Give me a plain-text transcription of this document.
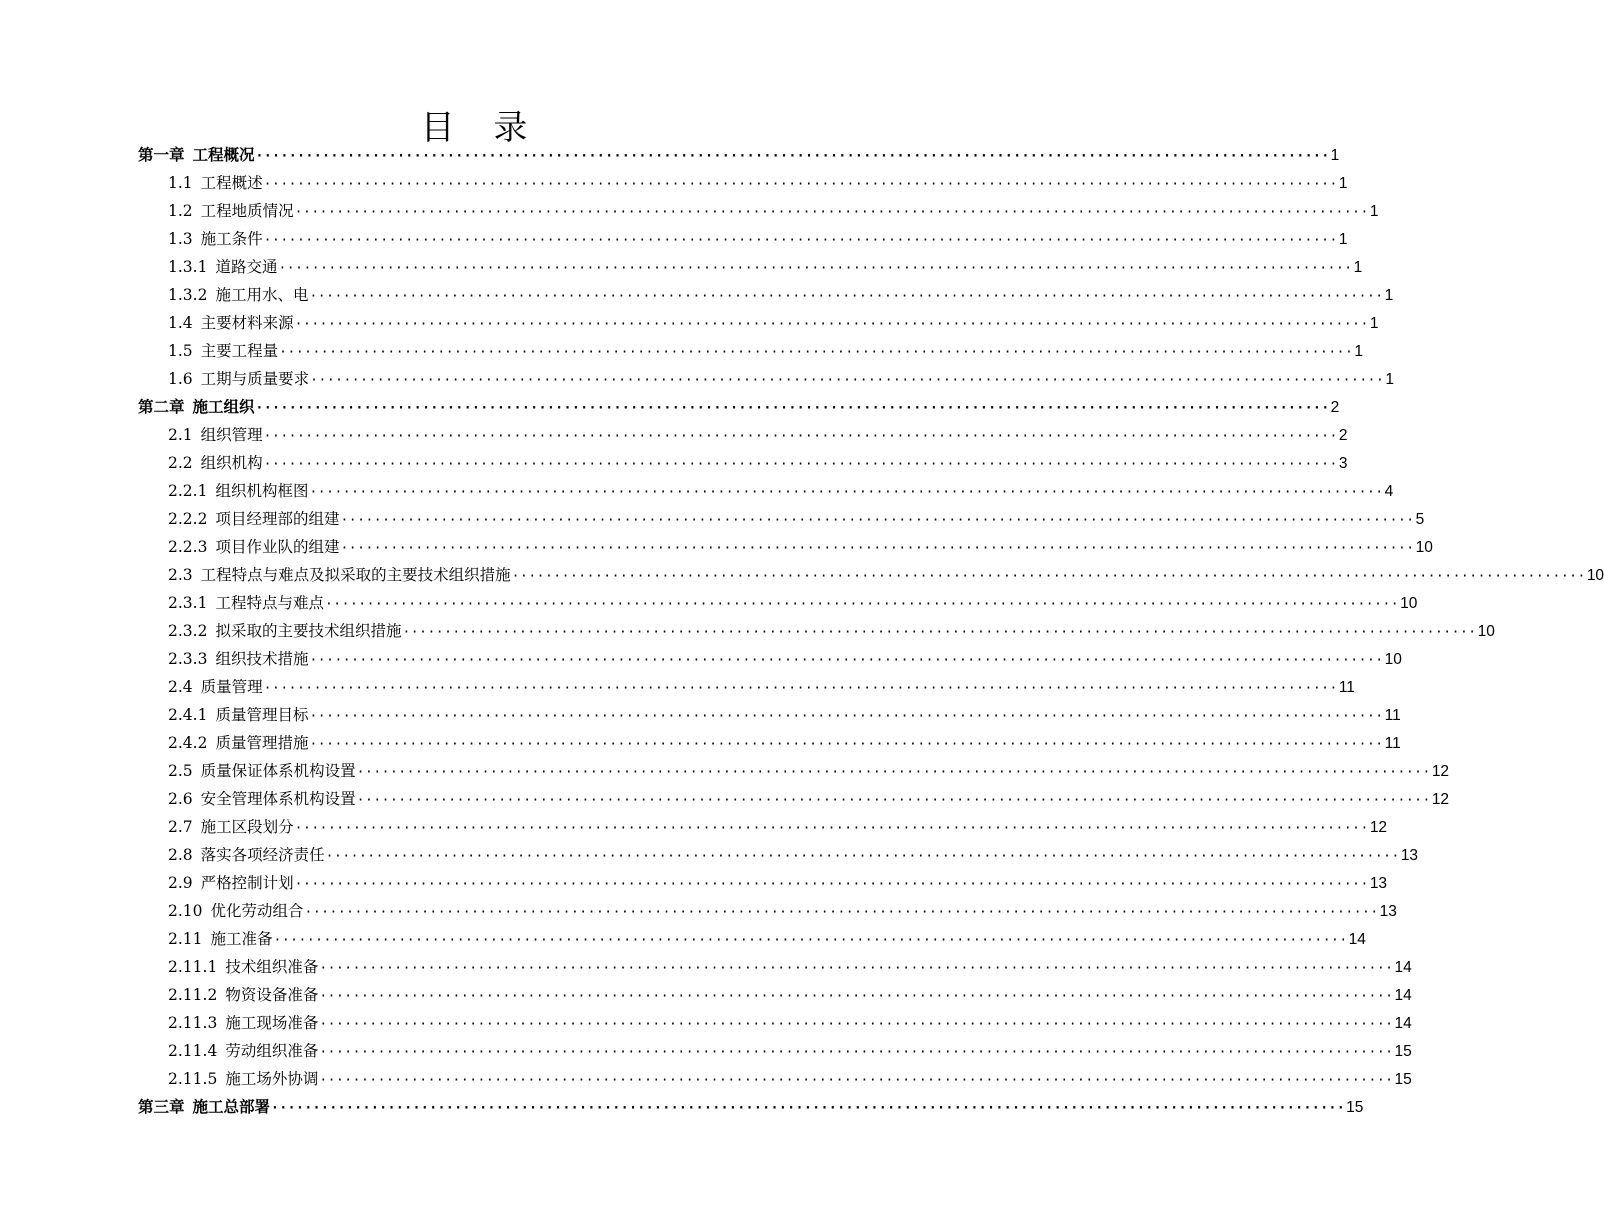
目 录
第一章 工程概况 ································································································································· 1
1.1 工程概述 ································································································································· 1
1.2 工程地质情况 ································································································································· 1
1.3 施工条件 ································································································································· 1
1.3.1 道路交通 ································································································································· 1
1.3.2 施工用水、电 ································································································································· 1
1.4 主要材料来源 ································································································································· 1
1.5 主要工程量 ································································································································· 1
1.6 工期与质量要求 ································································································································· 1
第二章 施工组织 ································································································································· 2
2.1 组织管理 ································································································································· 2
2.2 组织机构 ································································································································· 3
2.2.1 组织机构框图 ································································································································· 4
2.2.2 项目经理部的组建 ································································································································· 5
2.2.3 项目作业队的组建 ································································································································· 10
2.3 工程特点与难点及拟采取的主要技术组织措施 ································································································································· 10
2.3.1 工程特点与难点 ································································································································· 10
2.3.2 拟采取的主要技术组织措施 ································································································································· 10
2.3.3 组织技术措施 ································································································································· 10
2.4 质量管理 ································································································································· 11
2.4.1 质量管理目标 ································································································································· 11
2.4.2 质量管理措施 ································································································································· 11
2.5 质量保证体系机构设置 ································································································································· 12
2.6 安全管理体系机构设置 ································································································································· 12
2.7 施工区段划分 ································································································································· 12
2.8 落实各项经济责任 ································································································································· 13
2.9 严格控制计划 ································································································································· 13
2.10 优化劳动组合 ································································································································· 13
2.11 施工准备 ································································································································· 14
2.11.1 技术组织准备 ································································································································· 14
2.11.2 物资设备准备 ································································································································· 14
2.11.3 施工现场准备 ································································································································· 14
2.11.4 劳动组织准备 ································································································································· 15
2.11.5 施工场外协调 ································································································································· 15
第三章 施工总部署 ································································································································· 15
